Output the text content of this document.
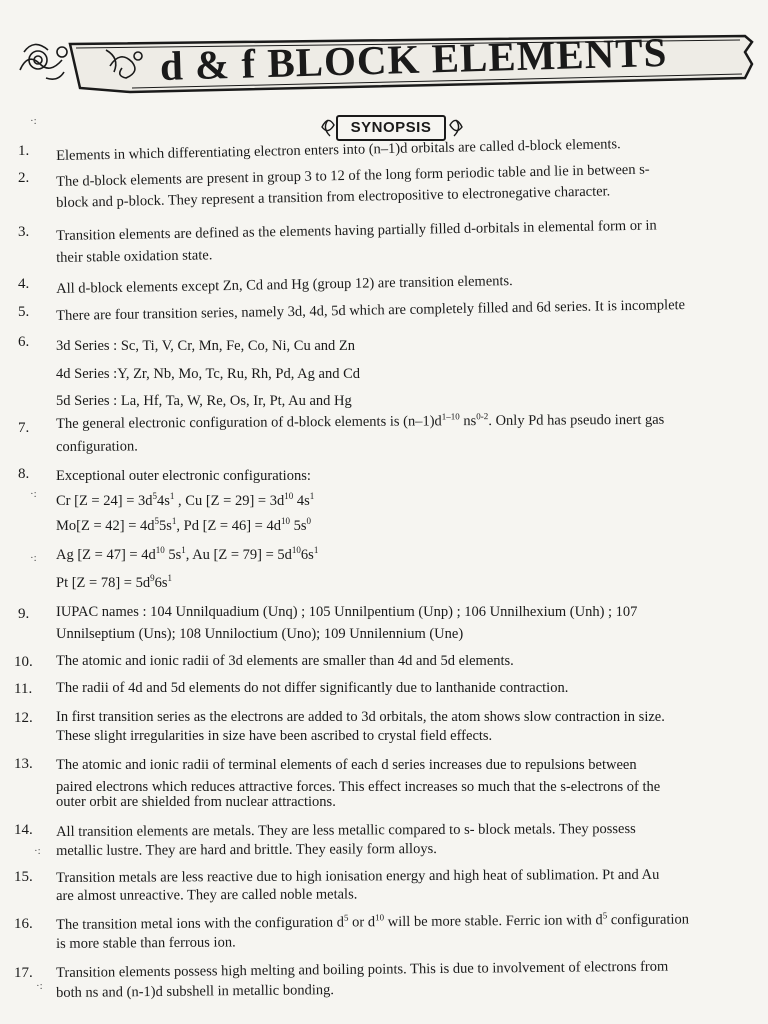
d & f BLOCK ELEMENTS
SYNOPSIS
·:
·:
·:
·:
·:
1.	Elements in which differentiating electron enters into (n–1)d orbitals are called d-block elements.
2.	The d-block elements are present in group 3 to 12 of the long form periodic table and lie in between s-
block and p-block. They represent a transition from electropositive to electronegative character.
3.	Transition elements are defined as the elements having partially filled d-orbitals in elemental form or in
their stable oxidation state.
4.	All d-block elements except Zn, Cd and Hg (group 12) are transition elements.
5.	There are four transition series, namely 3d, 4d, 5d which are completely filled and 6d series. It is incomplete
6.	3d Series : Sc, Ti, V, Cr, Mn, Fe, Co, Ni, Cu and Zn
4d Series :Y, Zr, Nb, Mo, Tc, Ru, Rh, Pd, Ag and Cd
5d Series : La, Hf, Ta, W, Re, Os, Ir, Pt, Au and Hg
7.	The general electronic configuration of d-block elements is $(n-1)d^{1-10}$ $ns^{0-2}$. Only Pd has pseudo inert gas
configuration.
8.	Exceptional outer electronic configurations:
Cr $[Z = 24] = 3d^54s^1$ , Cu $[Z = 29] = 3d^{10}$ $4s^1$
$Mo[Z = 42] = 4d^55s^1$, Pd $[Z = 46] = 4d^{10}$ $5s^0$
Ag $[Z = 47] = 4d^{10}$ $5s^1$, Au $[Z = 79] = 5d^{10}6s^1$
Pt $[Z = 78] = 5d^96s^1$
9.	IUPAC names : 104 Unnilquadium (Unq) ; 105 Unnilpentium (Unp) ; 106 Unnilhexium (Unh) ; 107
Unnilseptium (Uns); 108 Unniloctium (Uno); 109 Unnilennium (Une)
10.	The atomic and ionic radii of 3d elements are smaller than 4d and 5d elements.
11.	The radii of 4d and 5d elements do not differ significantly due to lanthanide contraction.
12.	In first transition series as the electrons are added to 3d orbitals, the atom shows slow contraction in size.
These slight irregularities in size have been ascribed to crystal field effects.
13.	The atomic and ionic radii of terminal elements of each d series increases due to repulsions between
paired electrons which reduces attractive forces. This effect increases so much that the s-electrons of the
outer orbit are shielded from nuclear attractions.
14.	All transition elements are metals. They are less metallic compared to s- block metals. They possess
metallic lustre. They are hard and brittle. They easily form alloys.
15.	Transition metals are less reactive due to high ionisation energy and high heat of sublimation. Pt and Au
are almost unreactive. They are called noble metals.
16.	The transition metal ions with the configuration $d^5$ or $d^{10}$ will be more stable. Ferric ion with $d^5$ configuration
is more stable than ferrous ion.
17.	Transition elements possess high melting and boiling points. This is due to involvement of electrons from
both ns and (n-1)d subshell in metallic bonding.
